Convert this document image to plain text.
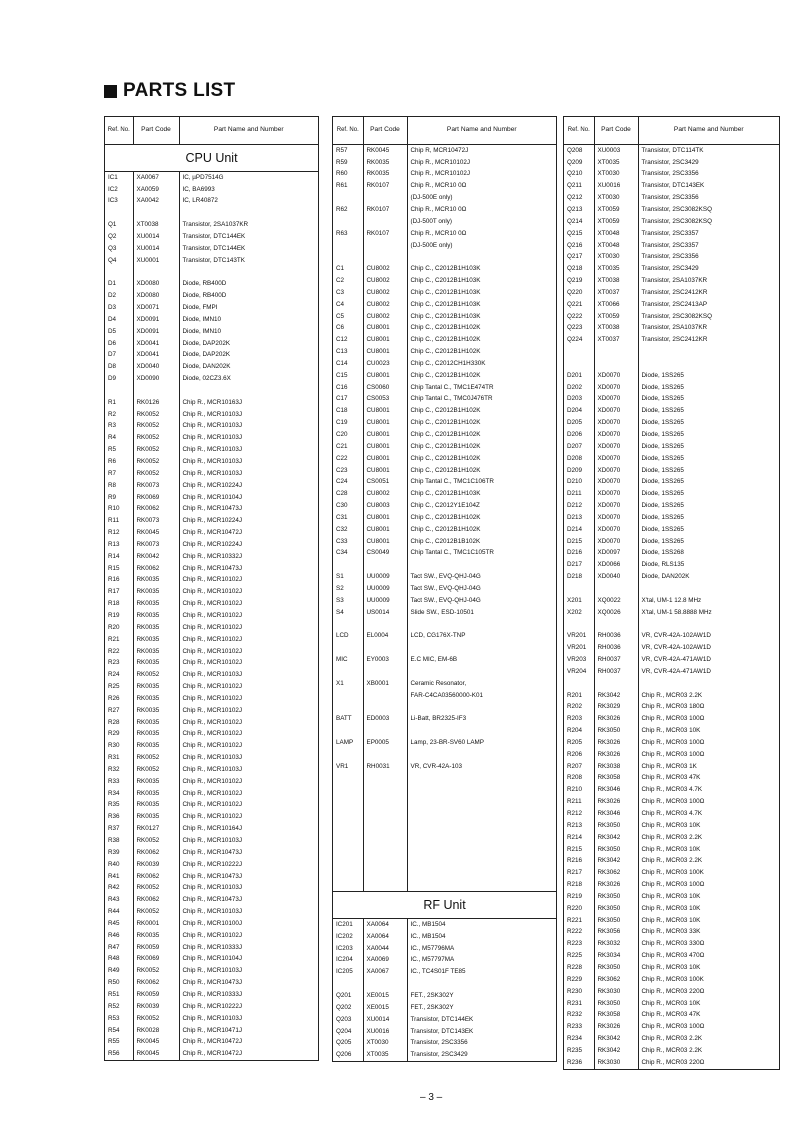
PARTS LIST
Ref. No.	Part Code	Part Name and Number
CPU Unit		
IC1	XA0067	IC, µPD7514G
IC2	XA0059	IC, BA6993
IC3	XA0042	IC, LR40872

Q1	XT0038	Transistor, 2SA1037KR
Q2	XU0014	Transistor, DTC144EK
Q3	XU0014	Transistor, DTC144EK
Q4	XU0001	Transistor, DTC143TK

D1	XD0080	Diode, RB400D
D2	XD0080	Diode, RB400D
D3	XD0071	Diode, FMPI
D4	XD0091	Diode, IMN10
D5	XD0091	Diode, IMN10
D6	XD0041	Diode, DAP202K
D7	XD0041	Diode, DAP202K
D8	XD0040	Diode, DAN202K
D9	XD0090	Diode, 02CZ3.6X

R1	RK0126	Chip R., MCR10163J
R2	RK0052	Chip R., MCR10103J
R3	RK0052	Chip R., MCR10103J
R4	RK0052	Chip R., MCR10103J
R5	RK0052	Chip R., MCR10103J
R6	RK0052	Chip R., MCR10103J
R7	RK0052	Chip R., MCR10103J
R8	RK0073	Chip R., MCR10224J
R9	RK0069	Chip R., MCR10104J
R10	RK0062	Chip R., MCR10473J
R11	RK0073	Chip R., MCR10224J
R12	RK0045	Chip R., MCR10472J
R13	RK0073	Chip R., MCR10224J
R14	RK0042	Chip R., MCR10332J
R15	RK0062	Chip R., MCR10473J
R16	RK0035	Chip R., MCR10102J
R17	RK0035	Chip R., MCR10102J
R18	RK0035	Chip R., MCR10102J
R19	RK0035	Chip R., MCR10102J
R20	RK0035	Chip R., MCR10102J
R21	RK0035	Chip R., MCR10102J
R22	RK0035	Chip R., MCR10102J
R23	RK0035	Chip R., MCR10102J
R24	RK0052	Chip R., MCR10103J
R25	RK0035	Chip R., MCR10102J
R26	RK0035	Chip R., MCR10102J
R27	RK0035	Chip R., MCR10102J
R28	RK0035	Chip R., MCR10102J
R29	RK0035	Chip R., MCR10102J
R30	RK0035	Chip R., MCR10102J
R31	RK0052	Chip R., MCR10103J
R32	RK0052	Chip R., MCR10103J
R33	RK0035	Chip R., MCR10102J
R34	RK0035	Chip R., MCR10102J
R35	RK0035	Chip R., MCR10102J
R36	RK0035	Chip R., MCR10102J
R37	RK0127	Chip R., MCR10164J
R38	RK0052	Chip R., MCR10103J
R39	RK0062	Chip R., MCR10473J
R40	RK0039	Chip R., MCR10222J
R41	RK0062	Chip R., MCR10473J
R42	RK0052	Chip R., MCR10103J
R43	RK0062	Chip R., MCR10473J
R44	RK0052	Chip R., MCR10103J
R45	RK0001	Chip R., MCR10100J
R46	RK0035	Chip R., MCR10102J
R47	RK0059	Chip R., MCR10333J
R48	RK0069	Chip R., MCR10104J
R49	RK0052	Chip R., MCR10103J
R50	RK0062	Chip R., MCR10473J
R51	RK0059	Chip R., MCR10333J
R52	RK0039	Chip R., MCR10222J
R53	RK0052	Chip R., MCR10103J
R54	RK0028	Chip R., MCR10471J
R55	RK0045	Chip R., MCR10472J
R56	RK0045	Chip R., MCR10472J
Ref. No.	Part Code	Part Name and Number
R57	RK0045	Chip R, MCR10472J
R59	RK0035	Chip R., MCR10102J
R60	RK0035	Chip R., MCR10102J
R61	RK0107	Chip R., MCR10 0Ω
		(DJ-500E only)
R62	RK0107	Chip R., MCR10 0Ω
		(DJ-500T only)
R63	RK0107	Chip R., MCR10 0Ω
		(DJ-500E only)

C1	CU8002	Chip C., C2012B1H103K
C2	CU8002	Chip C., C2012B1H103K
C3	CU8002	Chip C., C2012B1H103K
C4	CU8002	Chip C., C2012B1H103K
C5	CU8002	Chip C., C2012B1H103K
C6	CU8001	Chip C., C2012B1H102K
C12	CU8001	Chip C., C2012B1H102K
C13	CU8001	Chip C., C2012B1H102K
C14	CU0023	Chip C., C2012CH1H330K
C15	CU8001	Chip C., C2012B1H102K
C16	CS0060	Chip Tantal C., TMC1E474TR
C17	CS0053	Chip Tantal C., TMC0J476TR
C18	CU8001	Chip C., C2012B1H102K
C19	CU8001	Chip C., C2012B1H102K
C20	CU8001	Chip C., C2012B1H102K
C21	CU8001	Chip C., C2012B1H102K
C22	CU8001	Chip C., C2012B1H102K
C23	CU8001	Chip C., C2012B1H102K
C24	CS0051	Chip Tantal C., TMC1C106TR
C28	CU8002	Chip C., C2012B1H103K
C30	CU8003	Chip C., C2012Y1E104Z
C31	CU8001	Chip C., C2012B1H102K
C32	CU8001	Chip C., C2012B1H102K
C33	CU8001	Chip C., C2012B1B102K
C34	CS0049	Chip Tantal C., TMC1C105TR

S1	UU0009	Tact SW., EVQ-QHJ-04G
S2	UU0009	Tact SW., EVQ-QHJ-04G
S3	UU0009	Tact SW., EVQ-QHJ-04G
S4	US0014	Slide SW., ESD-10501

LCD	EL0004	LCD, CG176X-TNP

MIC	EY0003	E.C MIC, EM-6B

X1	XB0001	Ceramic Resonator,
		FAR-C4CA03560000-K01

BATT	ED0003	Li-Batt, BR2325-IF3

LAMP	EP0005	Lamp, 23-BR-SV60 LAMP

VR1	RH0031	VR, CVR-42A-103

RF Unit		
IC201	XA0064	IC., MB1504
IC202	XA0064	IC., MB1504
IC203	XA0044	IC., M57796MA
IC204	XA0069	IC., M57797MA
IC205	XA0067	IC., TC4S01F TE85

Q201	XE0015	FET., 2SK302Y
Q202	XE0015	FET., 2SK302Y
Q203	XU0014	Transistor, DTC144EK
Q204	XU0016	Transistor, DTC143EK
Q205	XT0030	Transistor, 2SC3356
Q206	XT0035	Transistor, 2SC3429
Ref. No.	Part Code	Part Name and Number
Q208	XU0003	Transistor, DTC114TK
Q209	XT0035	Transistor, 2SC3429
Q210	XT0030	Transistor, 2SC3356
Q211	XU0016	Transistor, DTC143EK
Q212	XT0030	Transistor, 2SC3356
Q213	XT0059	Transistor, 2SC3082KSQ
Q214	XT0059	Transistor, 2SC3082KSQ
Q215	XT0048	Transistor, 2SC3357
Q216	XT0048	Transistor, 2SC3357
Q217	XT0030	Transistor, 2SC3356
Q218	XT0035	Transistor, 2SC3429
Q219	XT0038	Transistor, 2SA1037KR
Q220	XT0037	Transistor, 2SC2412KR
Q221	XT0066	Transistor, 2SC2413AP
Q222	XT0059	Transistor, 2SC3082KSQ
Q223	XT0038	Transistor, 2SA1037KR
Q224	XT0037	Transistor, 2SC2412KR

D201	XD0070	Diode, 1SS265
D202	XD0070	Diode, 1SS265
D203	XD0070	Diode, 1SS265
D204	XD0070	Diode, 1SS265
D205	XD0070	Diode, 1SS265
D206	XD0070	Diode, 1SS265
D207	XD0070	Diode, 1SS265
D208	XD0070	Diode, 1SS265
D209	XD0070	Diode, 1SS265
D210	XD0070	Diode, 1SS265
D211	XD0070	Diode, 1SS265
D212	XD0070	Diode, 1SS265
D213	XD0070	Diode, 1SS265
D214	XD0070	Diode, 1SS265
D215	XD0070	Diode, 1SS265
D216	XD0097	Diode, 1SS268
D217	XD0066	Diode, RLS135
D218	XD0040	Diode, DAN202K

X201	XQ0022	X'tal, UM-1 12.8 MHz
X202	XQ0026	X'tal, UM-1 58.8888 MHz

VR201	RH0036	VR, CVR-42A-102AW1D
VR201	RH0036	VR, CVR-42A-102AW1D
VR203	RH0037	VR, CVR-42A-471AW1D
VR204	RH0037	VR, CVR-42A-471AW1D

R201	RK3042	Chip R., MCR03 2.2K
R202	RK3029	Chip R., MCR03 180Ω
R203	RK3026	Chip R., MCR03 100Ω
R204	RK3050	Chip R., MCR03 10K
R205	RK3026	Chip R., MCR03 100Ω
R206	RK3026	Chip R., MCR03 100Ω
R207	RK3038	Chip R., MCR03 1K
R208	RK3058	Chip R., MCR03 47K
R210	RK3046	Chip R., MCR03 4.7K
R211	RK3026	Chip R., MCR03 100Ω
R212	RK3046	Chip R., MCR03 4.7K
R213	RK3050	Chip R., MCR03 10K
R214	RK3042	Chip R., MCR03 2.2K
R215	RK3050	Chip R., MCR03 10K
R216	RK3042	Chip R., MCR03 2.2K
R217	RK3062	Chip R., MCR03 100K
R218	RK3026	Chip R., MCR03 100Ω
R219	RK3050	Chip R., MCR03 10K
R220	RK3050	Chip R., MCR03 10K
R221	RK3050	Chip R., MCR03 10K
R222	RK3056	Chip R., MCR03 33K
R223	RK3032	Chip R., MCR03 330Ω
R225	RK3034	Chip R., MCR03 470Ω
R228	RK3050	Chip R., MCR03 10K
R229	RK3062	Chip R., MCR03 100K
R230	RK3030	Chip R., MCR03 220Ω
R231	RK3050	Chip R., MCR03 10K
R232	RK3058	Chip R., MCR03 47K
R233	RK3026	Chip R., MCR03 100Ω
R234	RK3042	Chip R., MCR03 2.2K
R235	RK3042	Chip R., MCR03 2.2K
R236	RK3030	Chip R., MCR03 220Ω
– 3 –
